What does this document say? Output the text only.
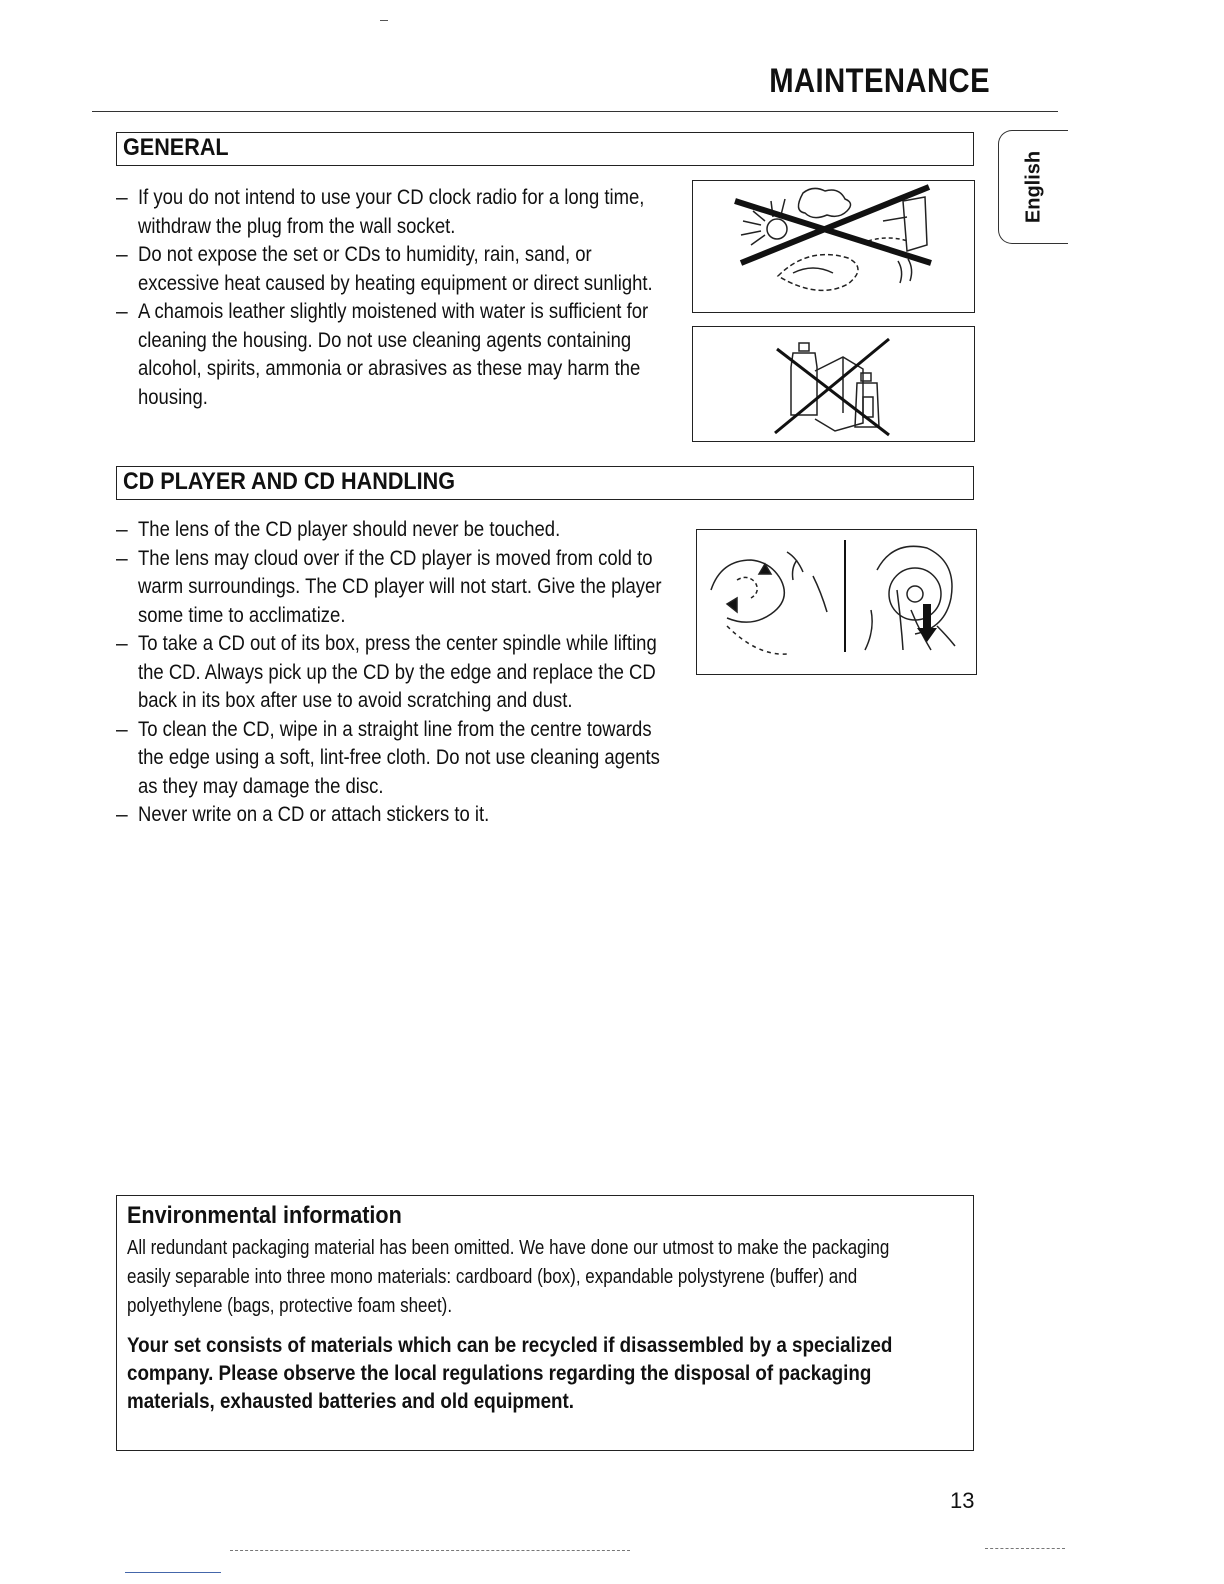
MAINTENANCE
English
GENERAL
– If you do not intend to use your CD clock radio for a long time, withdraw the plug from the wall socket.
– Do not expose the set or CDs to humidity, rain, sand, or excessive heat caused by heating equipment or direct sunlight.
– A chamois leather slightly moistened with water is sufficient for cleaning the housing. Do not use cleaning agents containing alcohol, spirits, ammonia or abrasives as these may harm the housing.
CD PLAYER AND CD HANDLING
– The lens of the CD player should never be touched.
– The lens may cloud over if the CD player is moved from cold to warm surroundings. The CD player will not start. Give the player some time to acclimatize.
– To take a CD out of its box, press the center spindle while lifting the CD. Always pick up the CD by the edge and replace the CD back in its box after use to avoid scratching and dust.
– To clean the CD, wipe in a straight line from the centre towards the edge using a soft, lint-free cloth. Do not use cleaning agents as they may damage the disc.
– Never write on a CD or attach stickers to it.
Environmental information
All redundant packaging material has been omitted. We have done our utmost to make the packaging easily separable into three mono materials: cardboard (box), expandable polystyrene (buffer) and polyethylene (bags, protective foam sheet).
Your set consists of materials which can be recycled if disassembled by a specialized company. Please observe the local regulations regarding the disposal of packaging materials, exhausted batteries and old equipment.
13
